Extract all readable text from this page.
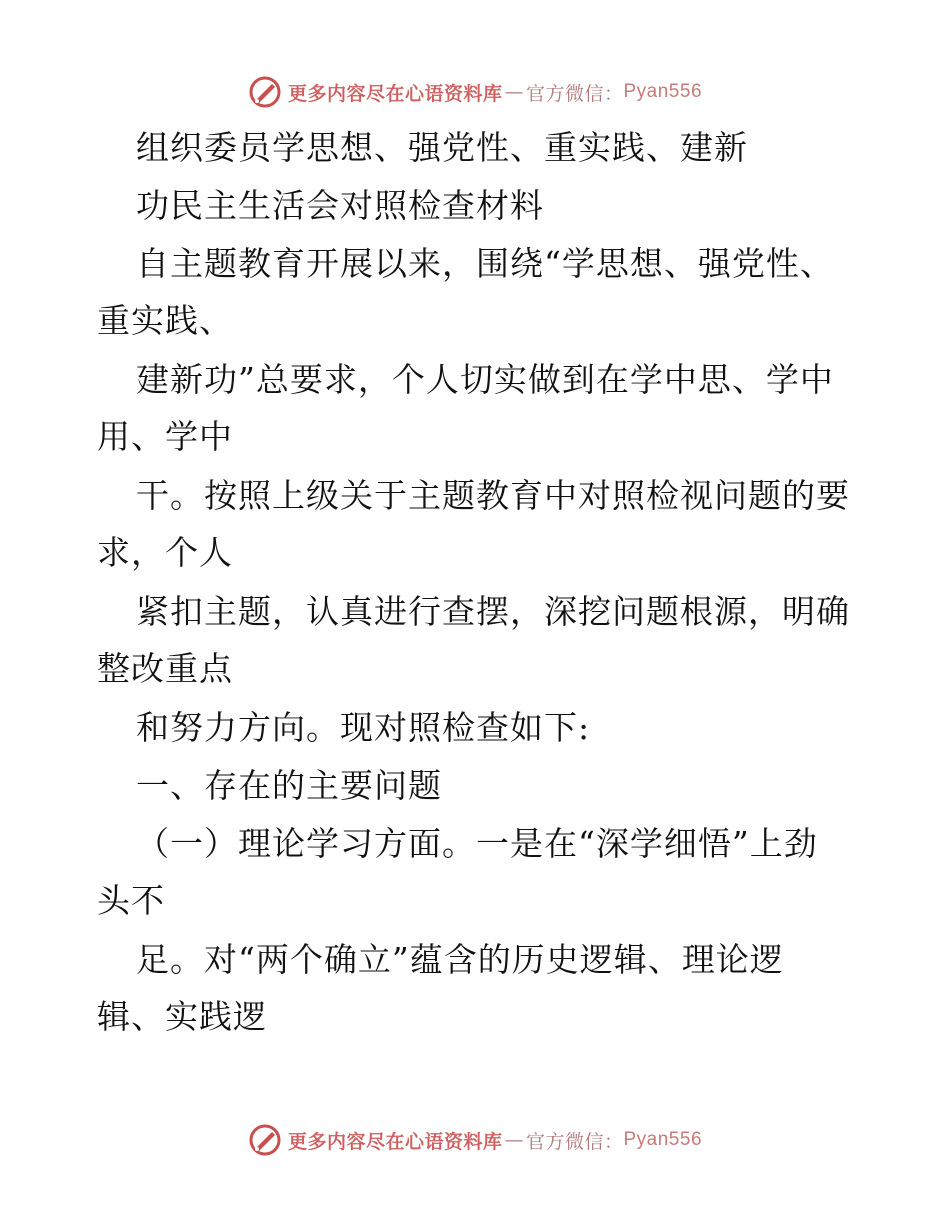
更多内容尽在心语资料库 — 官方微信： Pyan556
组织委员学思想、强党性、重实践、建新
功民主生活会对照检查材料
自主题教育开展以来，围绕“学思想、强党性、
重实践、
建新功”总要求，个人切实做到在学中思、学中
用、学中
干。按照上级关于主题教育中对照检视问题的要
求，个人
紧扣主题，认真进行查摆，深挖问题根源，明确
整改重点
和努力方向。现对照检查如下:
一、存在的主要问题
（一）理论学习方面。一是在“深学细悟”上劲
头不
足。对“两个确立”蕴含的历史逻辑、理论逻
辑、实践逻
更多内容尽在心语资料库 — 官方微信： Pyan556
